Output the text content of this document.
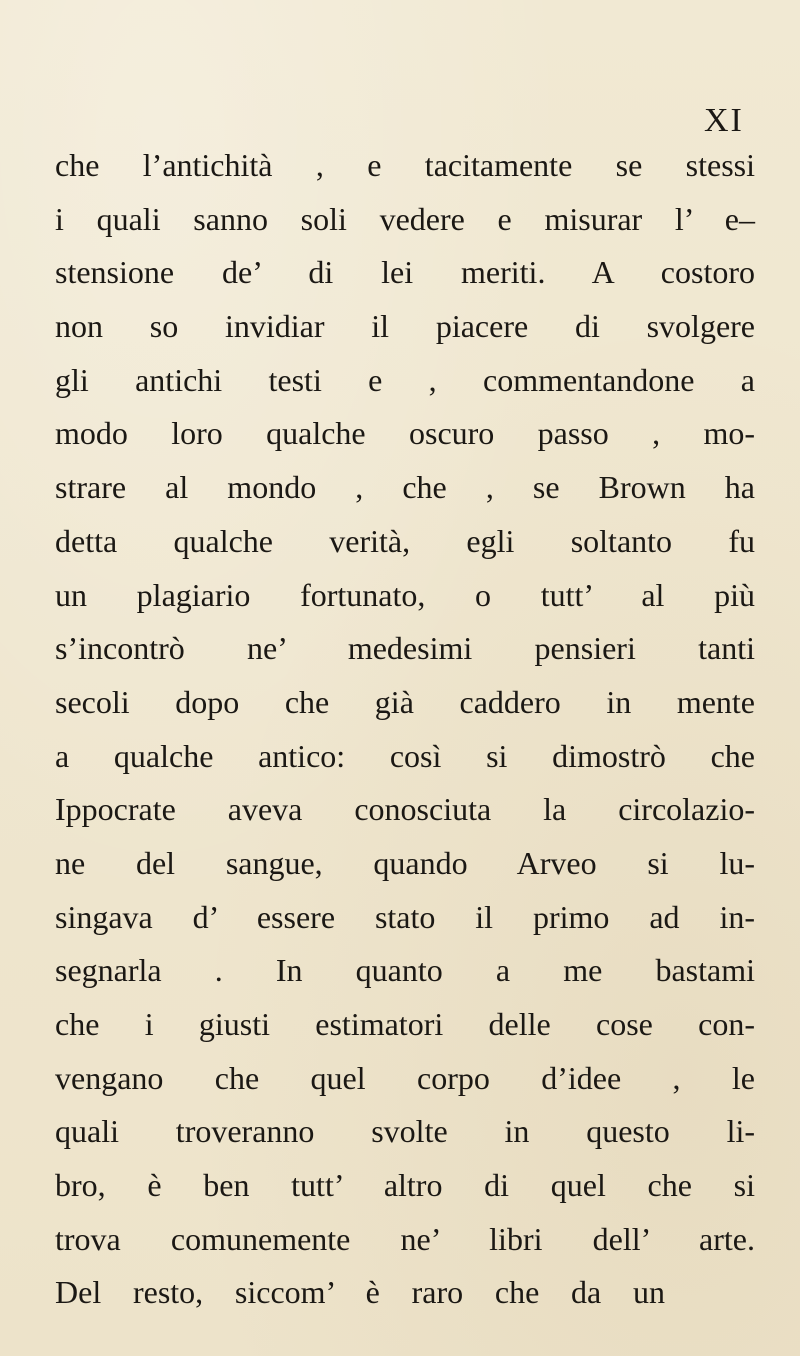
XI
che l’antichità , e tacitamente se stessi
i quali sanno soli vedere e misurar l’ e–
stensione de’ di lei meriti. A costoro
non so invidiar il piacere di svolgere
gli antichi testi e , commentandone a
modo loro qualche oscuro passo , mo-
strare al mondo , che , se Brown ha
detta qualche verità, egli soltanto fu
un plagiario fortunato, o tutt’ al più
s’incontrò ne’ medesimi pensieri tanti
secoli dopo che già caddero in mente
a qualche antico: così si dimostrò che
Ippocrate aveva conosciuta la circolazio-
ne del sangue, quando Arveo si lu-
singava d’ essere stato il primo ad in-
segnarla . In quanto a me bastami
che i giusti estimatori delle cose con-
vengano che quel corpo d’idee , le
quali troveranno svolte in questo li-
bro, è ben tutt’ altro di quel che si
trova comunemente ne’ libri dell’ arte.
Del resto, siccom’ è raro che da un
